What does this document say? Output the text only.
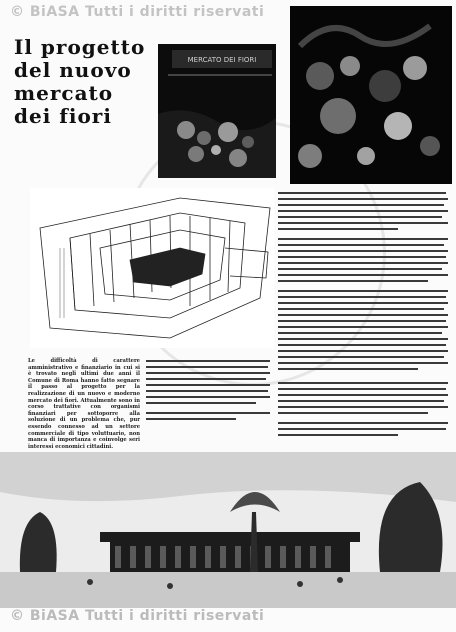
© BiASA Tutti i diritti riservati
Il progetto
del nuovo
mercato
dei fiori
MERCATO DEI FIORI
Le difficoltà di carattere amministrativo e finanziario in cui si è trovato negli ultimi due anni il Comune di Roma hanno fatto segnare il passo al progetto per la realizzazione di un nuovo e moderno mercato dei fiori. Attualmente sono in corso trattative con organismi finanziari per sottoporre alla soluzione di un problema che, pur essendo connesso ad un settore commerciale di tipo voluttuario, non manca di importanza e coinvolge seri interessi economici cittadini.
© BiASA Tutti i diritti riservati
